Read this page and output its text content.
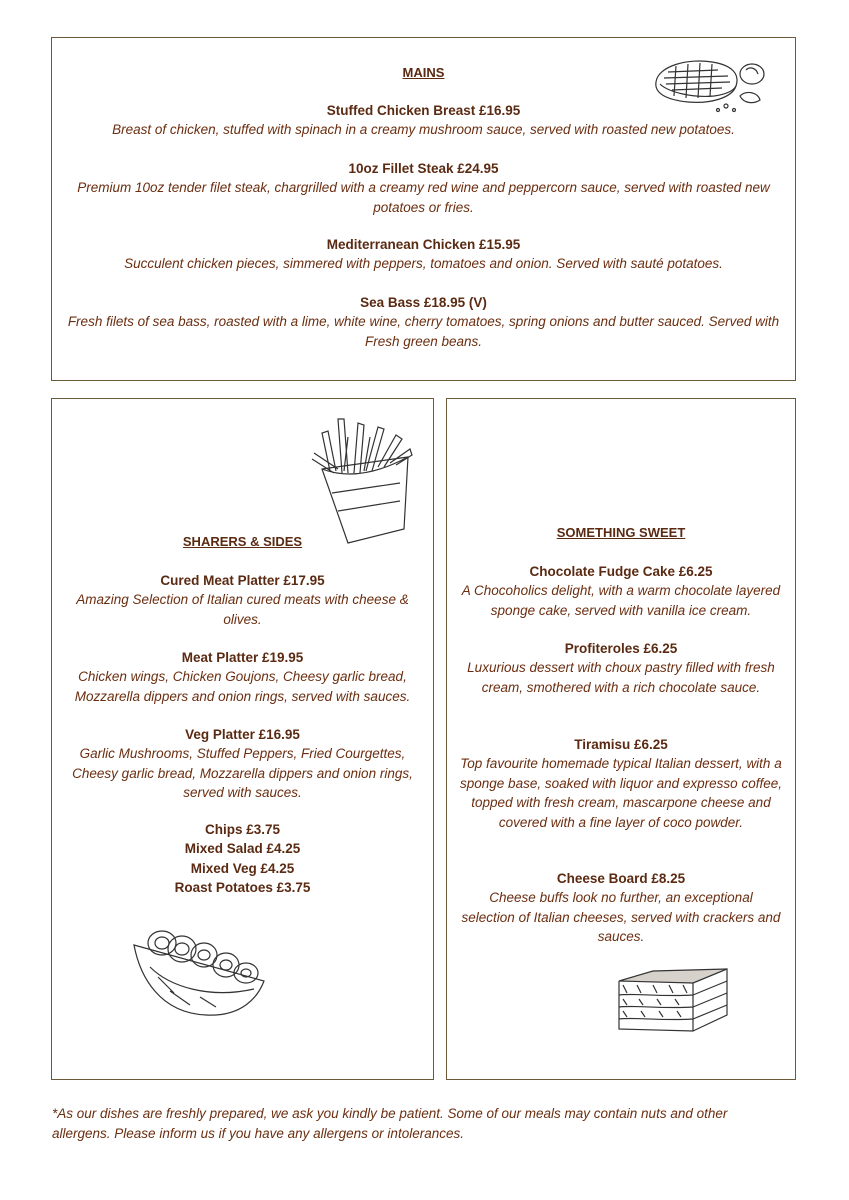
MAINS
Stuffed Chicken Breast £16.95
Breast of chicken, stuffed with spinach in a creamy mushroom sauce, served with roasted new potatoes.
10oz Fillet Steak £24.95
Premium 10oz tender filet steak, chargrilled with a creamy red wine and peppercorn sauce, served with roasted new potatoes or fries.
Mediterranean Chicken £15.95
Succulent chicken pieces, simmered with peppers, tomatoes and onion. Served with sauté potatoes.
Sea Bass £18.95 (V)
Fresh filets of sea bass, roasted with a lime, white wine, cherry tomatoes, spring onions and butter sauced. Served with Fresh green beans.
SHARERS & SIDES
Cured Meat Platter £17.95
Amazing Selection of Italian cured meats with cheese & olives.
Meat Platter £19.95
Chicken wings, Chicken Goujons, Cheesy garlic bread, Mozzarella dippers and onion rings, served with sauces.
Veg Platter £16.95
Garlic Mushrooms, Stuffed Peppers, Fried Courgettes, Cheesy garlic bread, Mozzarella dippers and onion rings, served with sauces.
Chips £3.75
Mixed Salad £4.25
Mixed Veg £4.25
Roast Potatoes £3.75
SOMETHING SWEET
Chocolate Fudge Cake £6.25
A Chocoholics delight, with a warm chocolate layered sponge cake, served with vanilla ice cream.
Profiteroles £6.25
Luxurious dessert with choux pastry filled with fresh cream, smothered with a rich chocolate sauce.
Tiramisu £6.25
Top favourite homemade typical Italian dessert, with a sponge base, soaked with liquor and expresso coffee, topped with fresh cream, mascarpone cheese and covered with a fine layer of coco powder.
Cheese Board £8.25
Cheese buffs look no further, an exceptional selection of Italian cheeses, served with crackers and sauces.
*As our dishes are freshly prepared, we ask you kindly be patient. Some of our meals may contain nuts and other
allergens. Please inform us if you have any allergens or intolerances.
